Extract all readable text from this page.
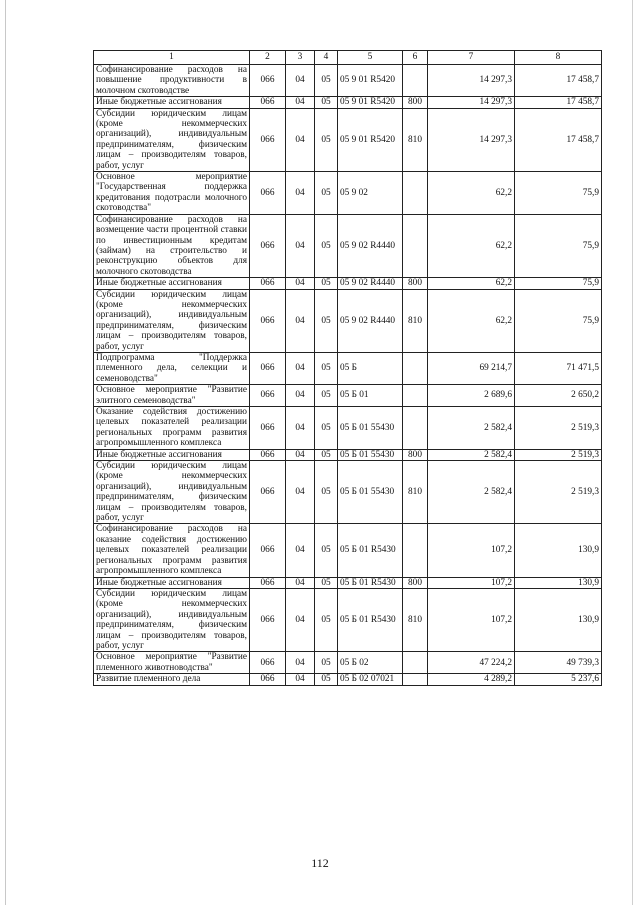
1	2	3	4	5	6	7	8
Софинансирование расходов на повышение продуктивности в молочном скотоводстве	066	04	05	05 9 01 R5420		14 297,3	17 458,7
Иные бюджетные ассигнования	066	04	05	05 9 01 R5420	800	14 297,3	17 458,7
Субсидии юридическим лицам (кроме некоммерческих организаций), индивидуальным предпринимателям, физическим лицам – производителям товаров, работ, услуг	066	04	05	05 9 01 R5420	810	14 297,3	17 458,7
Основное мероприятие "Государственная поддержка кредитования подотрасли молочного скотоводства"	066	04	05	05 9 02		62,2	75,9
Софинансирование расходов на возмещение части процентной ставки по инвестиционным кредитам (займам) на строительство и реконструкцию объектов для молочного скотоводства	066	04	05	05 9 02 R4440		62,2	75,9
Иные бюджетные ассигнования	066	04	05	05 9 02 R4440	800	62,2	75,9
Субсидии юридическим лицам (кроме некоммерческих организаций), индивидуальным предпринимателям, физическим лицам – производителям товаров, работ, услуг	066	04	05	05 9 02 R4440	810	62,2	75,9
Подпрограмма "Поддержка племенного дела, селекции и семеноводства"	066	04	05	05 Б		69 214,7	71 471,5
Основное мероприятие "Развитие элитного семеноводства"	066	04	05	05 Б 01		2 689,6	2 650,2
Оказание содействия достижению целевых показателей реализации региональных программ развития агропромышленного комплекса	066	04	05	05 Б 01 55430		2 582,4	2 519,3
Иные бюджетные ассигнования	066	04	05	05 Б 01 55430	800	2 582,4	2 519,3
Субсидии юридическим лицам (кроме некоммерческих организаций), индивидуальным предпринимателям, физическим лицам – производителям товаров, работ, услуг	066	04	05	05 Б 01 55430	810	2 582,4	2 519,3
Софинансирование расходов на оказание содействия достижению целевых показателей реализации региональных программ развития агропромышленного комплекса	066	04	05	05 Б 01 R5430		107,2	130,9
Иные бюджетные ассигнования	066	04	05	05 Б 01 R5430	800	107,2	130,9
Субсидии юридическим лицам (кроме некоммерческих организаций), индивидуальным предпринимателям, физическим лицам – производителям товаров, работ, услуг	066	04	05	05 Б 01 R5430	810	107,2	130,9
Основное мероприятие "Развитие племенного животноводства"	066	04	05	05 Б 02		47 224,2	49 739,3
Развитие племенного дела	066	04	05	05 Б 02 07021		4 289,2	5 237,6
112
